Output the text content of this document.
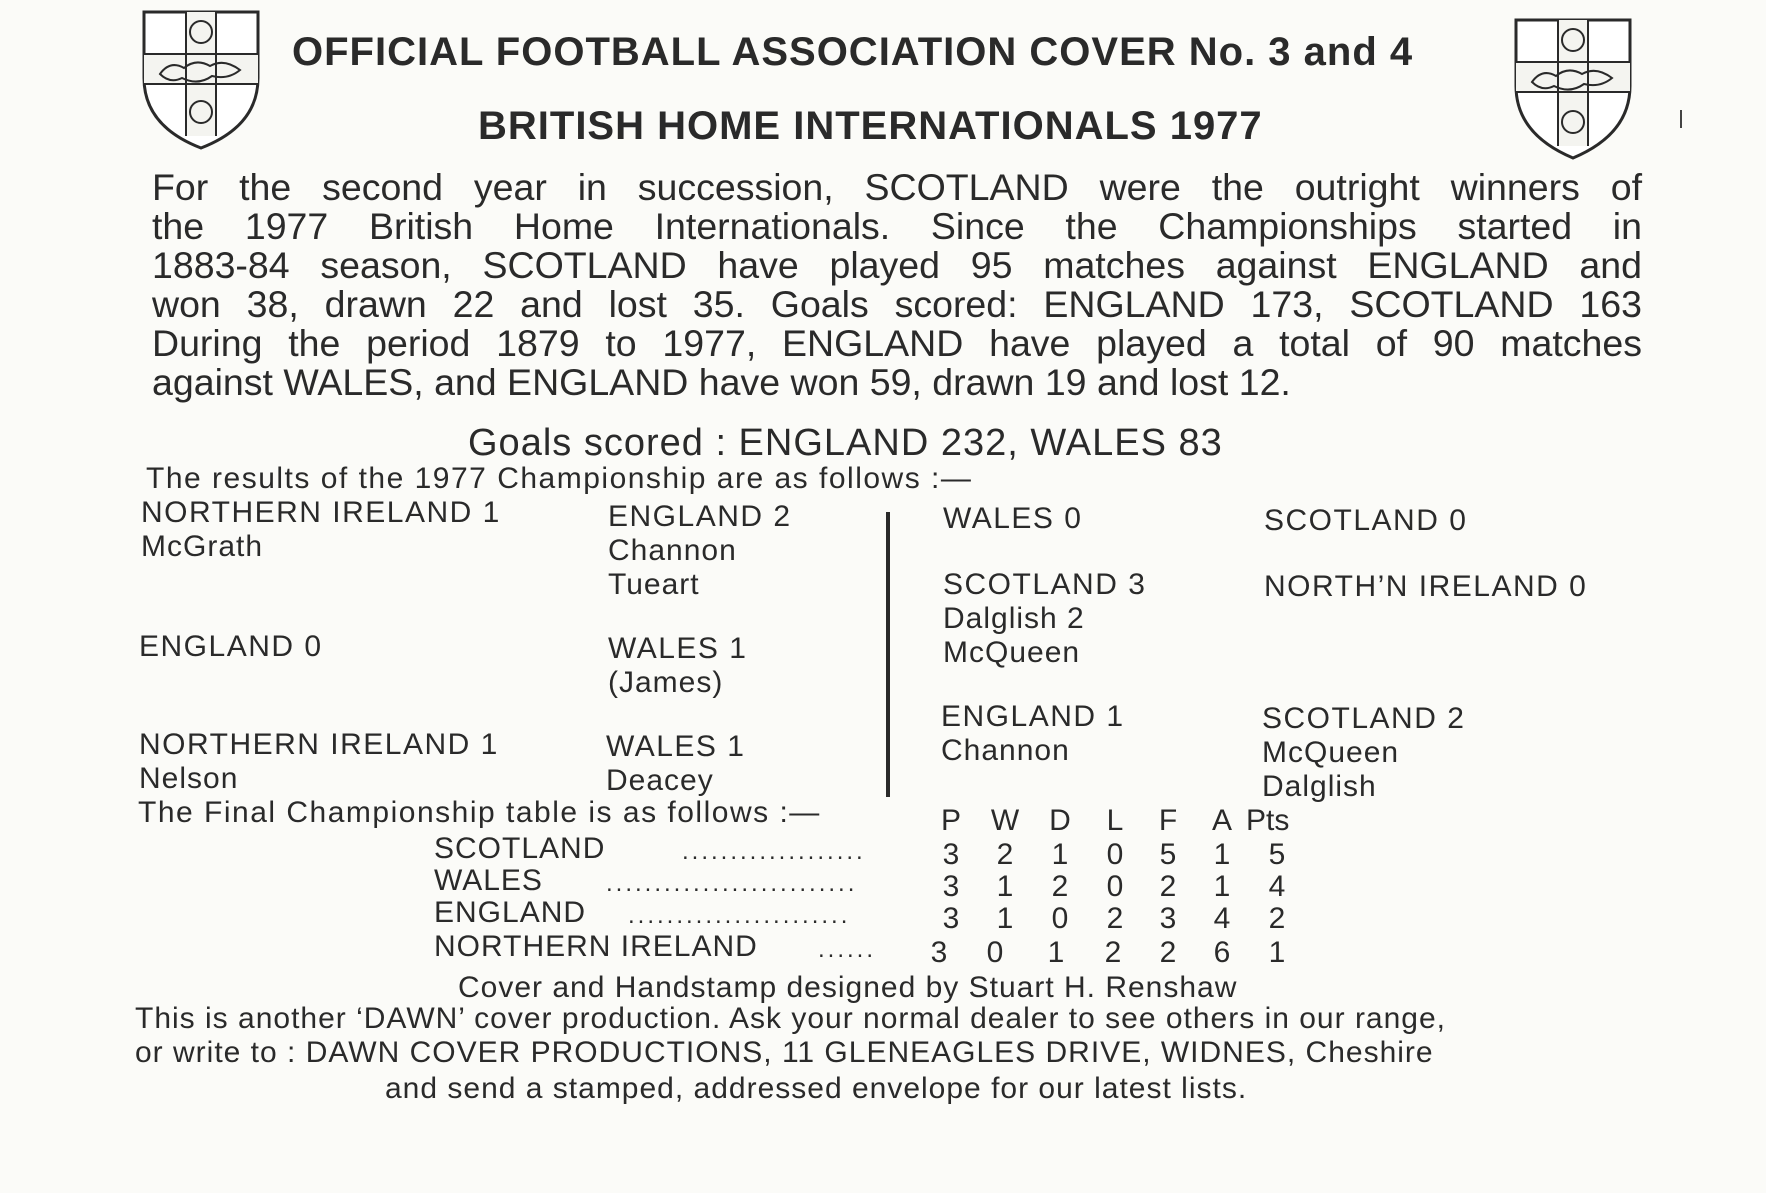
OFFICIAL FOOTBALL ASSOCIATION COVER No. 3 and 4
BRITISH HOME INTERNATIONALS 1977

For the second year in succession, SCOTLAND were the outright winners of
the 1977 British Home Internationals. Since the Championships started in
1883-84 season, SCOTLAND have played 95 matches against ENGLAND and
won 38, drawn 22 and lost 35. Goals scored: ENGLAND 173, SCOTLAND 163
During the period 1879 to 1977, ENGLAND have played a total of 90 matches
against WALES, and ENGLAND have won 59, drawn 19 and lost 12.

Goals scored : ENGLAND 232, WALES 83
The results of the 1977 Championship are as follows :—
NORTHERN IRELAND 1
McGrath
ENGLAND 2
Channon
Tueart
ENGLAND 0	WALES 1
(James)
NORTHERN IRELAND 1
Nelson
WALES 1
Deacey
WALES 0	SCOTLAND 0
SCOTLAND 3
Dalglish 2
McQueen
NORTH’N IRELAND 0
ENGLAND 1
Channon
SCOTLAND 2
McQueen
Dalglish
The Final Championship table is as follows :—	P W D L F A Pts
SCOTLAND	...................	3 2 1 0 5 1 5
WALES	..........................	3 1 2 0 2 1 4
ENGLAND .......................	3 1 0 2 3 4 2
NORTHERN IRELAND	...... 3 0 1 2 2 6 1
Cover and Handstamp designed by Stuart H. Renshaw
This is another ‘DAWN’ cover production. Ask your normal dealer to see others in our range,
or write to : DAWN COVER PRODUCTIONS, 11 GLENEAGLES DRIVE, WIDNES, Cheshire
and send a stamped, addressed envelope for our latest lists.
